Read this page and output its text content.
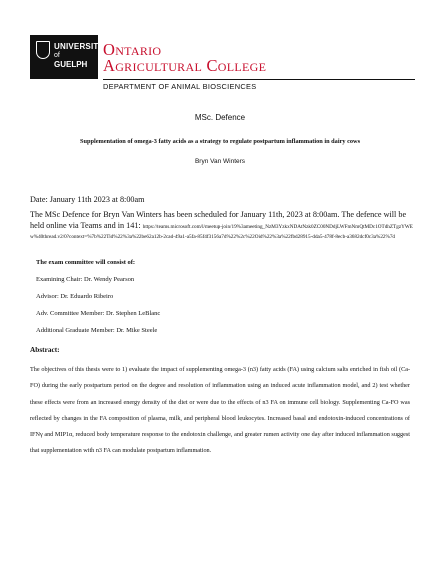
UNIVERSITY
of
GUELPH
Ontario
Agricultural College
DEPARTMENT OF ANIMAL BIOSCIENCES
MSc. Defence
Supplementation of omega-3 fatty acids as a strategy to regulate postpartum inflammation in dairy cows
Bryn Van Winters
Date: January 11th 2023 at 8:00am
The MSc Defence for Bryn Van Winters has been scheduled for January 11th, 2023 at 8:00am. The defence will be held online via Teams and in 141: https://teams.microsoft.com/l/meetup-join/19%3ameeting_NzM3YzkxNDAtNzk0ZC00NDdjLWFmNmQtMDc1OTdhZTgzYWEw%40thread.v2/0?context=%7b%22Tid%22%3a%22be62a12b-2cad-49a1-a5fa-85f4f3156a7d%22%2c%22Oid%22%3a%22fbd28915-dda5-478f-8ecb-a3682dcf0c3a%22%7d
The exam committee will consist of:
Examining Chair: Dr. Wendy Pearson
Advisor: Dr. Eduardo Ribeiro
Adv. Committee Member: Dr. Stephen LeBlanc
Additional Graduate Member: Dr. Mike Steele
Abstract:
The objectives of this thesis were to 1) evaluate the impact of supplementing omega-3 (n3) fatty acids (FA) using calcium salts enriched in fish oil (Ca-FO) during the early postpartum period on the degree and resolution of inflammation using an induced acute inflammation model, and 2) test whether these effects were from an increased energy density of the diet or were due to the effects of n3 FA on immune cell biology. Supplementing Ca-FO was reflected by changes in the FA composition of plasma, milk, and peripheral blood leukocytes. Increased basal and endotoxin-induced concentrations of IFNγ and MIP1α, reduced body temperature response to the endotoxin challenge, and greater rumen activity one day after induced inflammation suggest that supplementation with n3 FA can modulate postpartum inflammation.
